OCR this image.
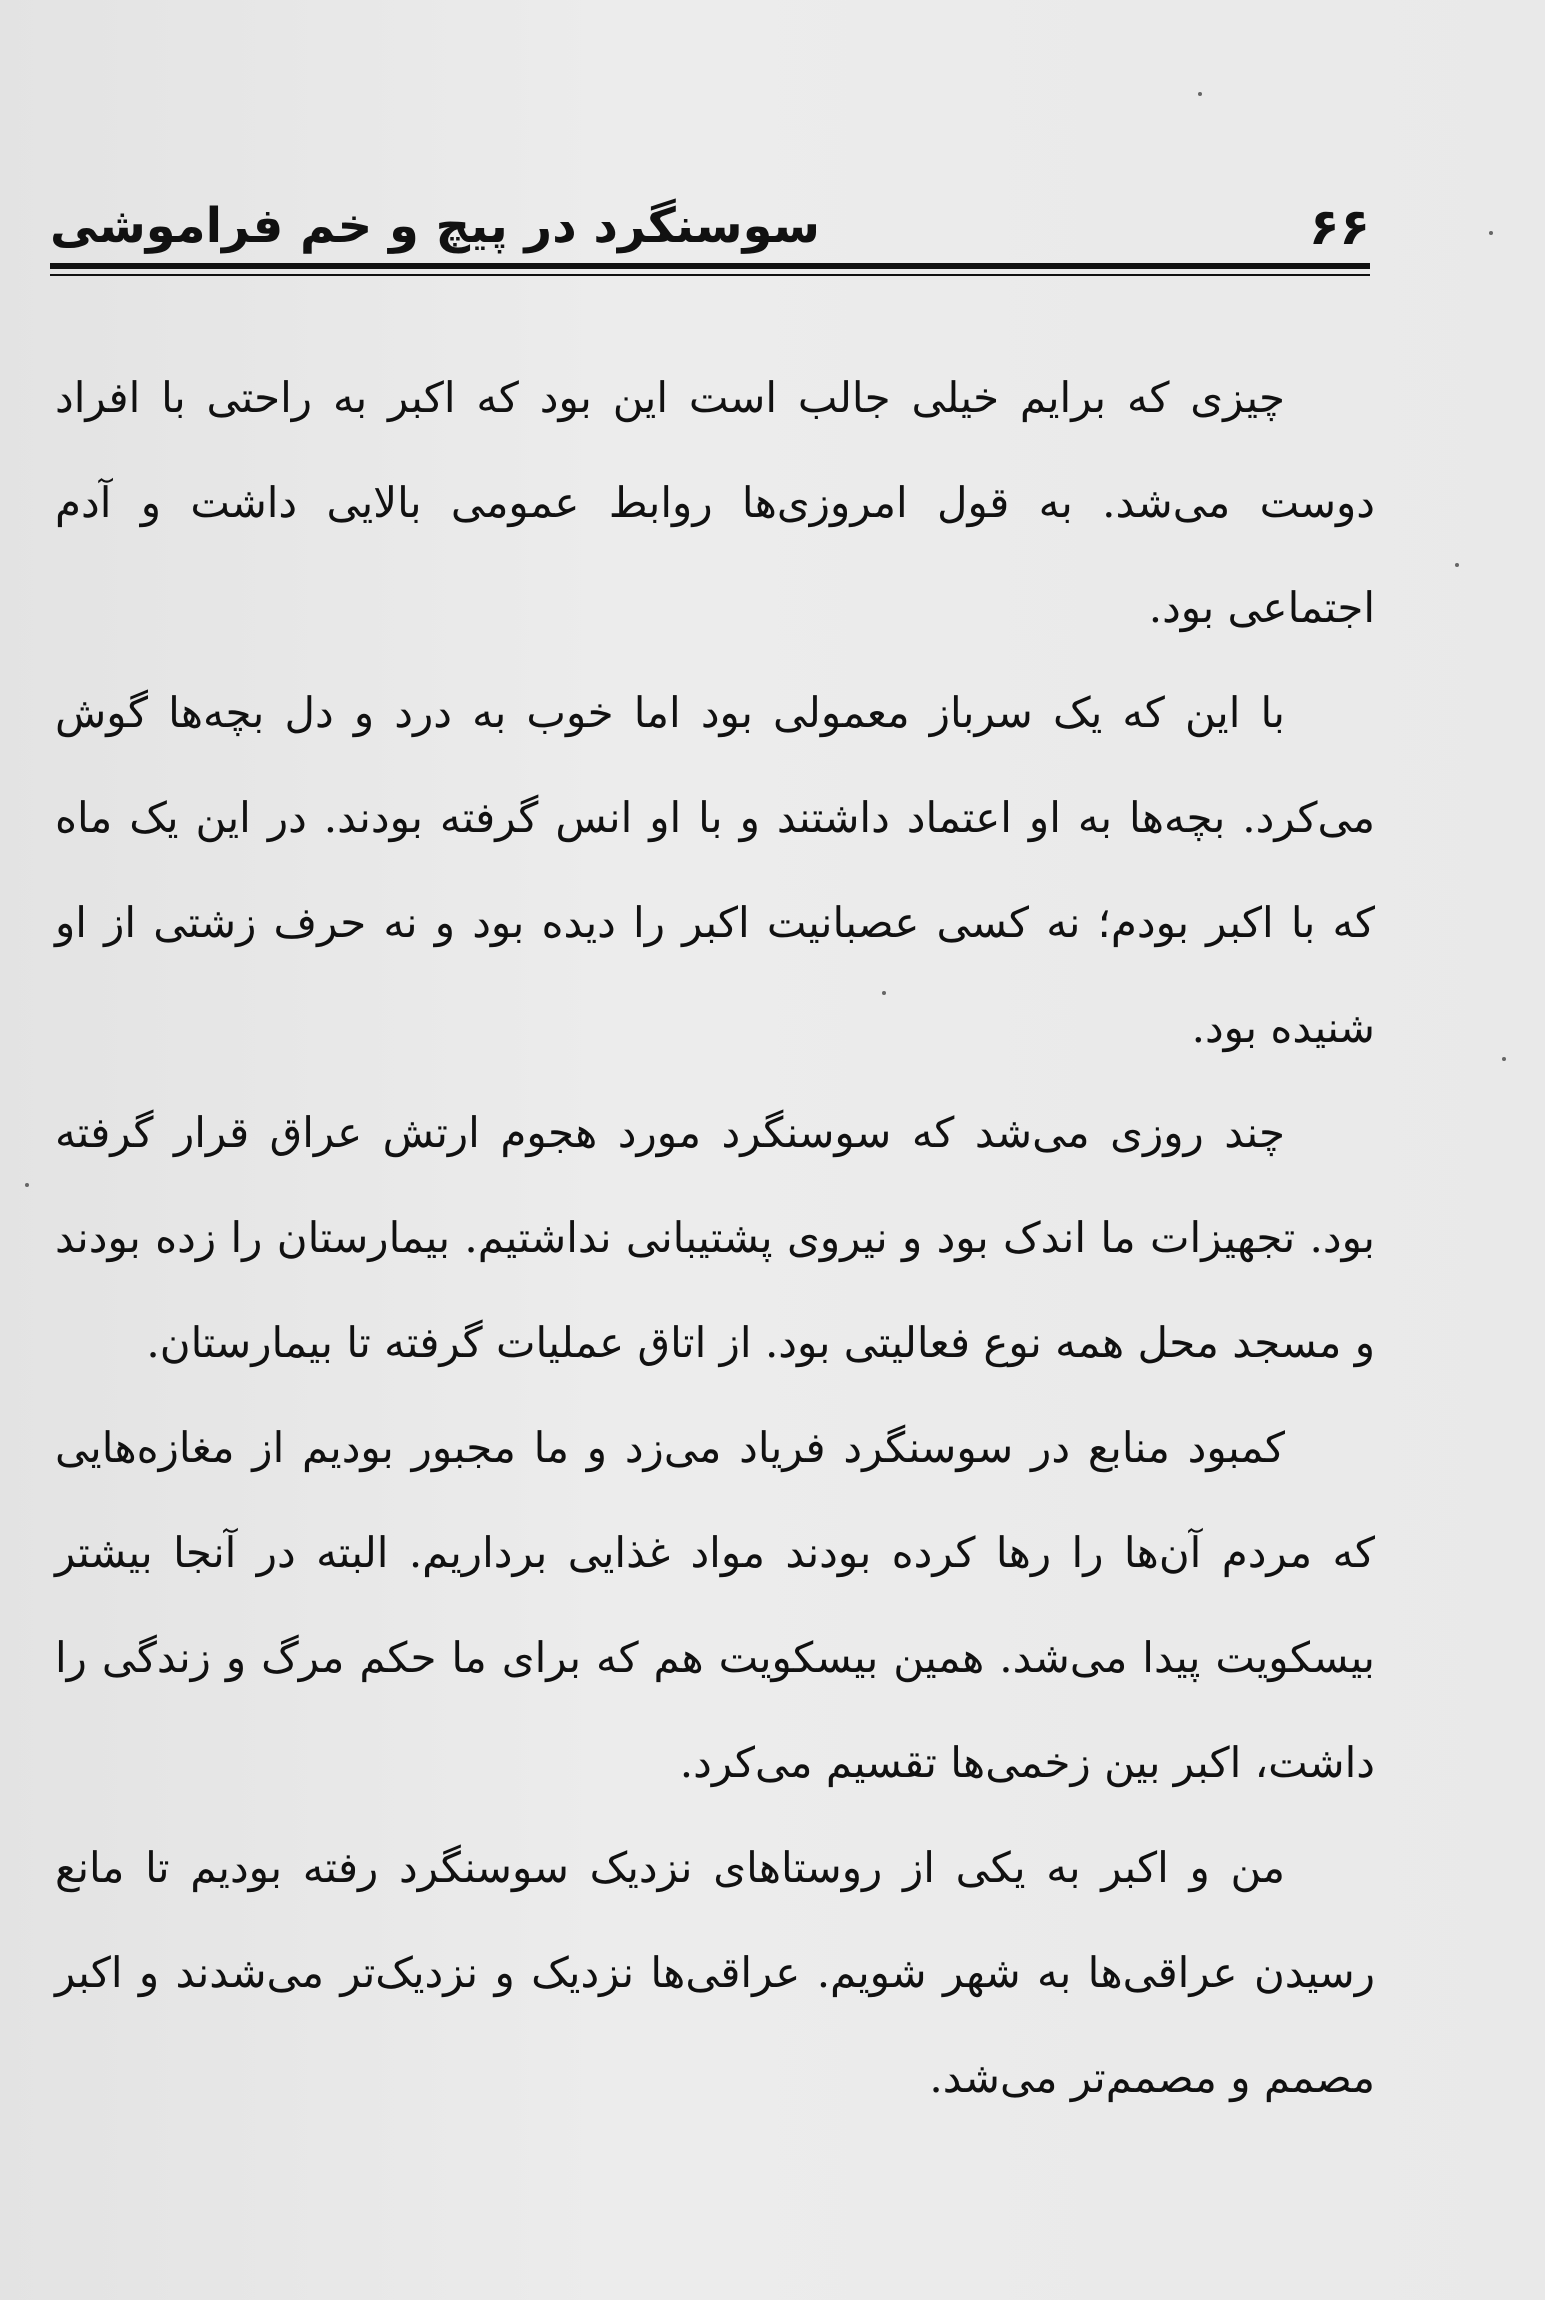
۶۶
سوسنگرد در پیچ و خم فراموشی

چیزی که برایم خیلی جالب است این بود که اکبر به راحتی با افراد دوست می‌شد. به قول امروزی‌ها روابط عمومی بالایی داشت و آدم اجتماعی بود.

با این که یک سرباز معمولی بود اما خوب به درد و دل بچه‌ها گوش می‌کرد. بچه‌ها به او اعتماد داشتند و با او انس گرفته بودند. در این یک ماه که با اکبر بودم؛ نه کسی عصبانیت اکبر را دیده بود و نه حرف زشتی از او شنیده بود.

چند روزی می‌شد که سوسنگرد مورد هجوم ارتش عراق قرار گرفته بود. تجهیزات ما اندک بود و نیروی پشتیبانی نداشتیم. بیمارستان را زده بودند و مسجد محل همه نوع فعالیتی بود. از اتاق عملیات گرفته تا بیمارستان.

کمبود منابع در سوسنگرد فریاد می‌زد و ما مجبور بودیم از مغازه‌هایی که مردم آن‌ها را رها کرده بودند مواد غذایی برداریم. البته در آنجا بیشتر بیسکویت پیدا می‌شد. همین بیسکویت هم که برای ما حکم مرگ و زندگی را داشت، اکبر بین زخمی‌ها تقسیم می‌کرد.

من و اکبر به یکی از روستاهای نزدیک سوسنگرد رفته بودیم تا مانع رسیدن عراقی‌ها به شهر شویم. عراقی‌ها نزدیک و نزدیک‌تر می‌شدند و اکبر مصمم و مصمم‌تر می‌شد.
